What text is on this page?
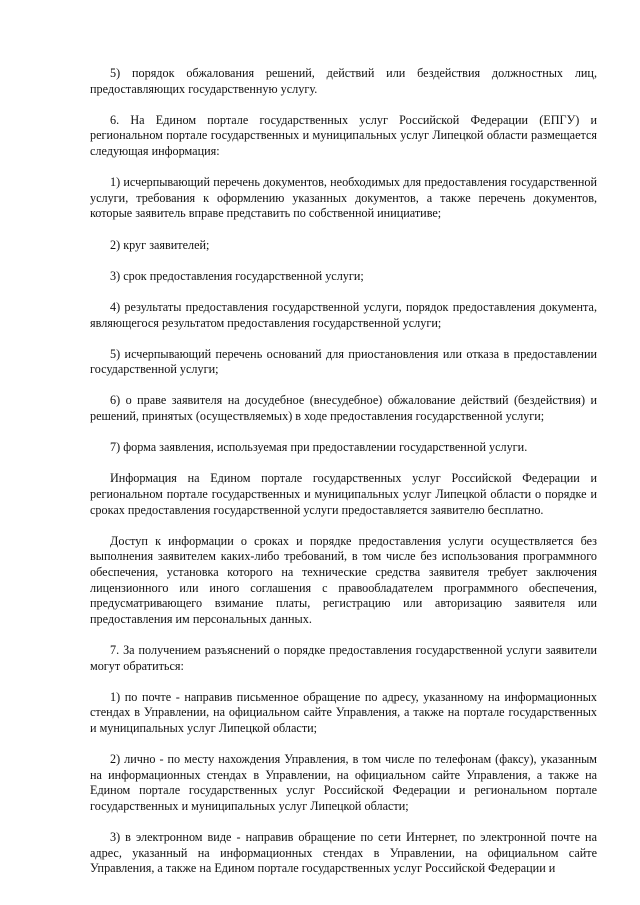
5) порядок обжалования решений, действий или бездействия должностных лиц, предоставляющих государственную услугу.

6. На Едином портале государственных услуг Российской Федерации (ЕПГУ) и региональном портале государственных и муниципальных услуг Липецкой области размещается следующая информация:

1) исчерпывающий перечень документов, необходимых для предоставления государственной услуги, требования к оформлению указанных документов, а также перечень документов, которые заявитель вправе представить по собственной инициативе;

2) круг заявителей;

3) срок предоставления государственной услуги;

4) результаты предоставления государственной услуги, порядок предоставления документа, являющегося результатом предоставления государственной услуги;

5) исчерпывающий перечень оснований для приостановления или отказа в предоставлении государственной услуги;

6) о праве заявителя на досудебное (внесудебное) обжалование действий (бездействия) и решений, принятых (осуществляемых) в ходе предоставления государственной услуги;

7) форма заявления, используемая при предоставлении государственной услуги.

Информация на Едином портале государственных услуг Российской Федерации и региональном портале государственных и муниципальных услуг Липецкой области о порядке и сроках предоставления государственной услуги предоставляется заявителю бесплатно.

Доступ к информации о сроках и порядке предоставления услуги осуществляется без выполнения заявителем каких-либо требований, в том числе без использования программного обеспечения, установка которого на технические средства заявителя требует заключения лицензионного или иного соглашения с правообладателем программного обеспечения, предусматривающего взимание платы, регистрацию или авторизацию заявителя или предоставления им персональных данных.

7. За получением разъяснений о порядке предоставления государственной услуги заявители могут обратиться:

1) по почте - направив письменное обращение по адресу, указанному на информационных стендах в Управлении, на официальном сайте Управления, а также на портале государственных и муниципальных услуг Липецкой области;

2) лично - по месту нахождения Управления, в том числе по телефонам (факсу), указанным на информационных стендах в Управлении, на официальном сайте Управления, а также на Едином портале государственных услуг Российской Федерации и региональном портале государственных и муниципальных услуг Липецкой области;

3) в электронном виде - направив обращение по сети Интернет, по электронной почте на адрес, указанный на информационных стендах в Управлении, на официальном сайте Управления, а также на Едином портале государственных услуг Российской Федерации и
